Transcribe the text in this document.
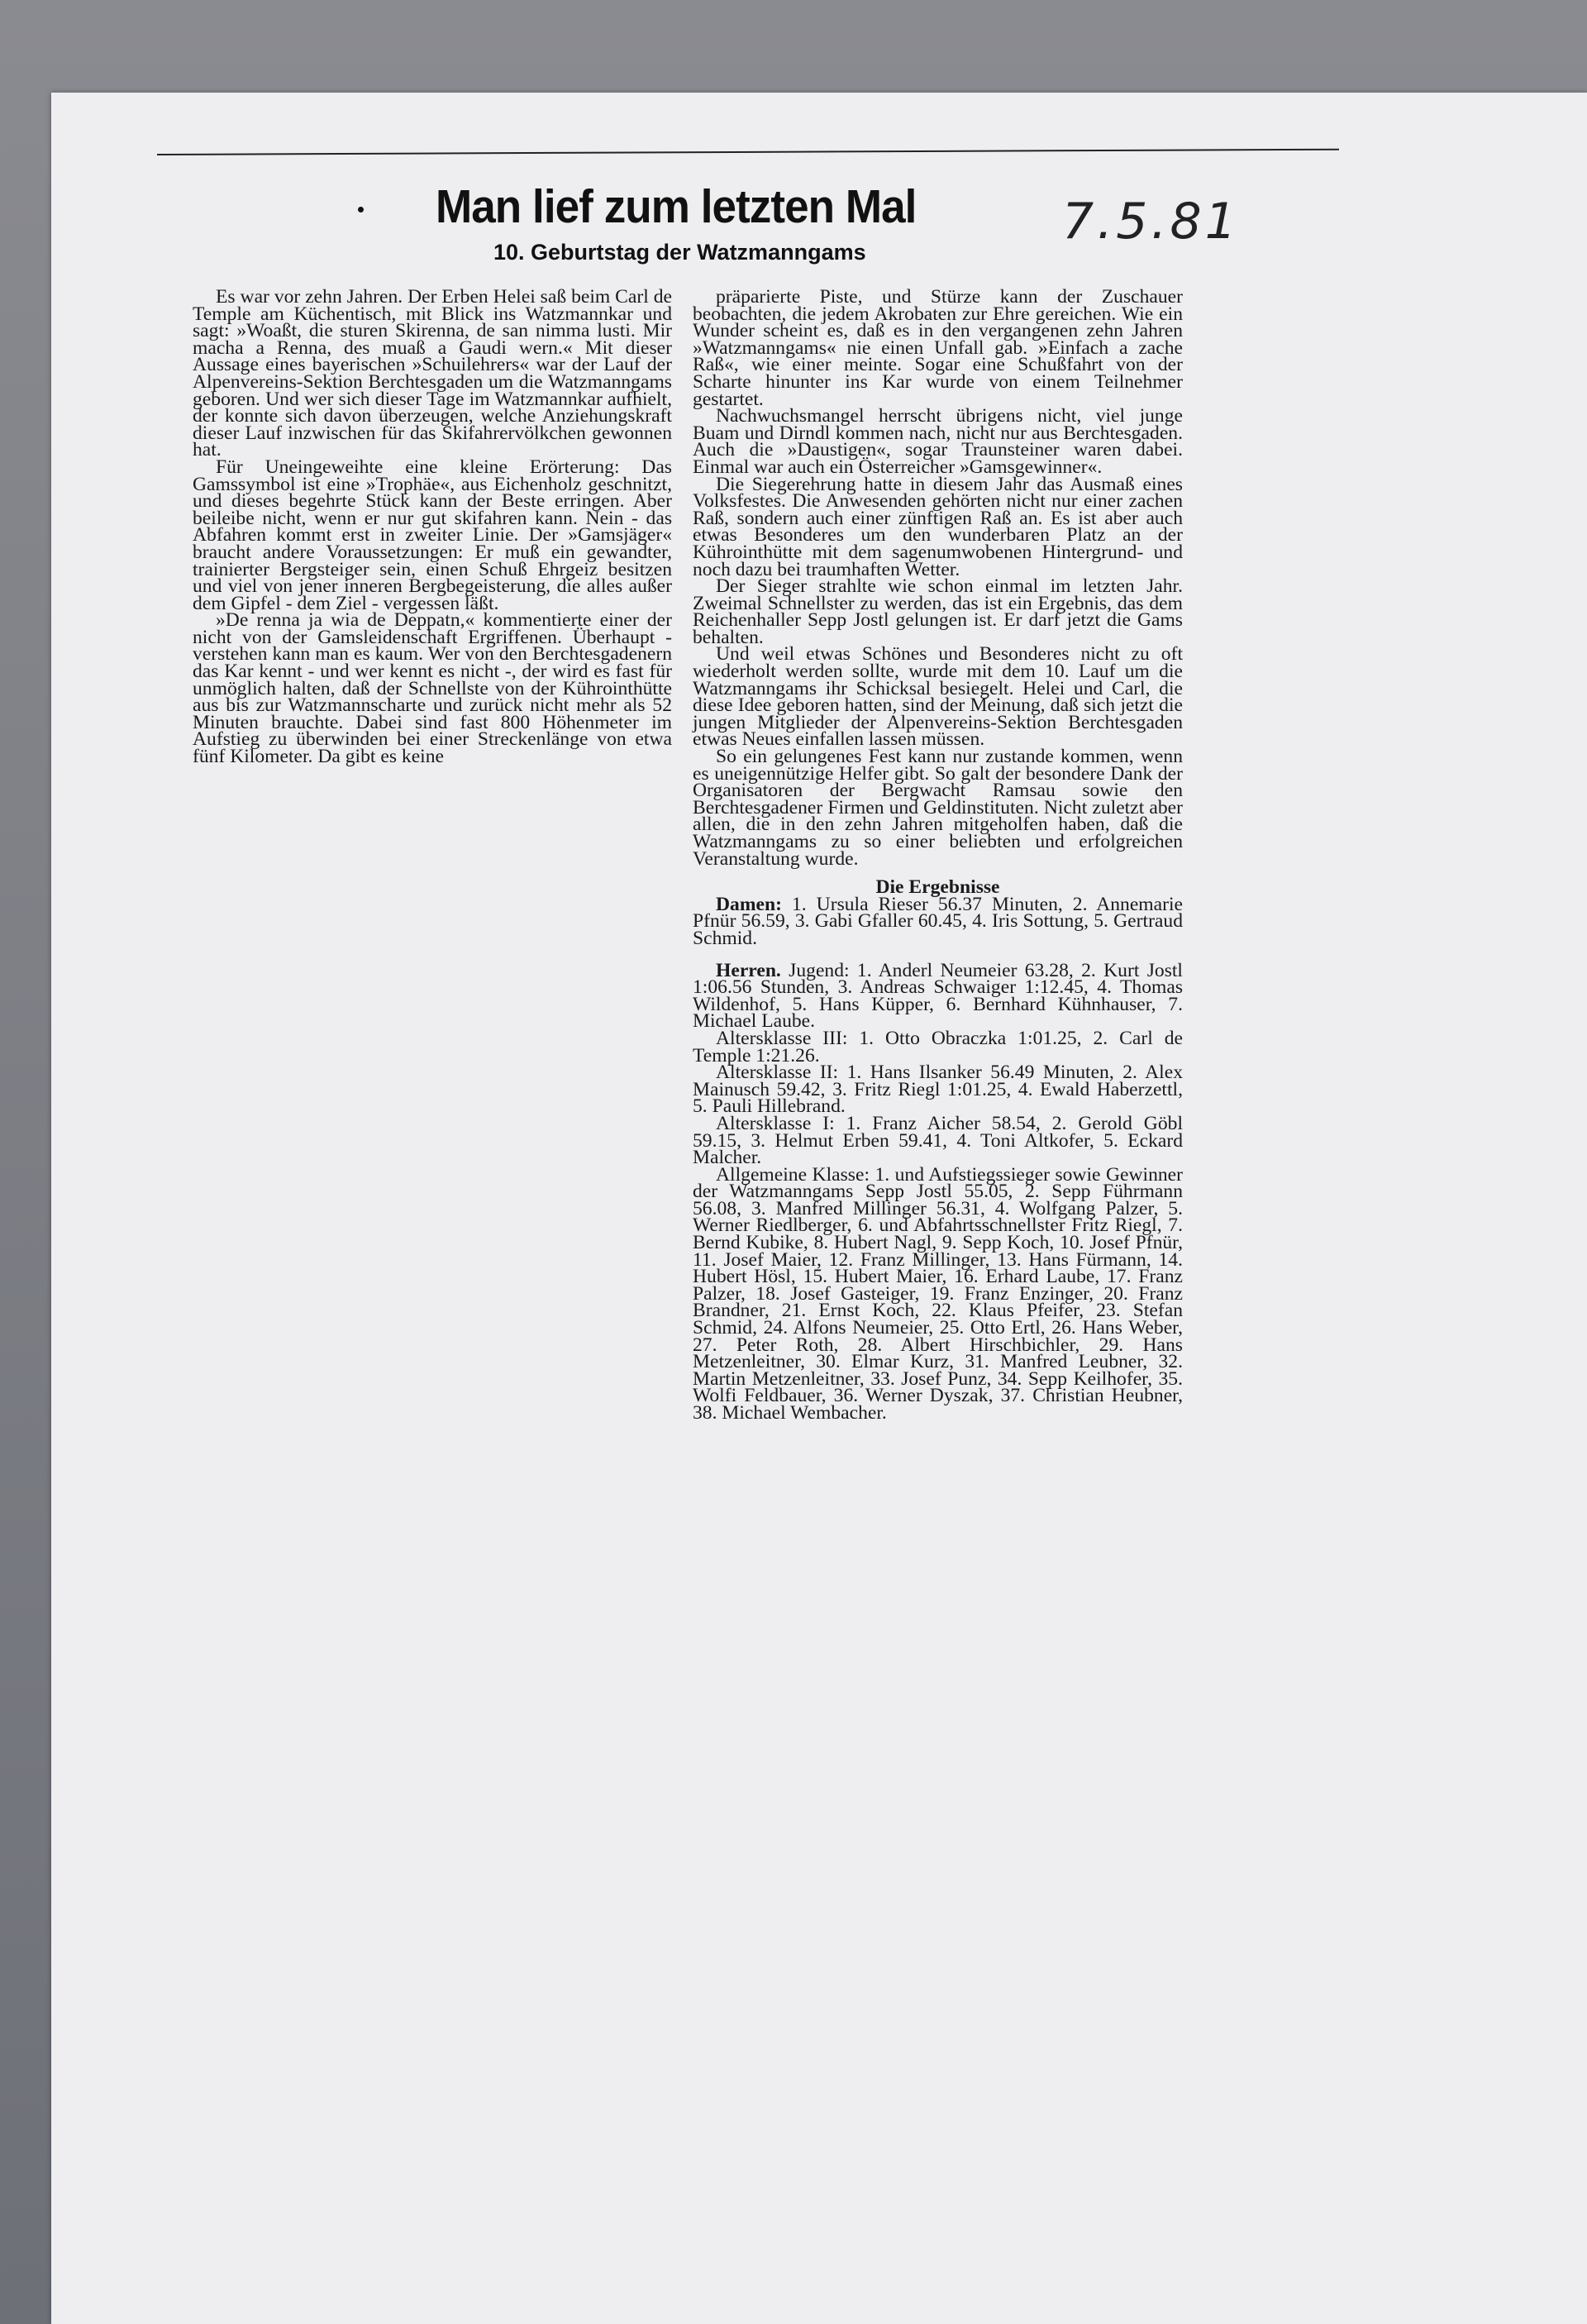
Man lief zum letzten Mal
10. Geburtstag der Watzmanngams
7.5.81

Es war vor zehn Jahren. Der Erben Helei saß beim Carl de Temple am Küchentisch, mit Blick ins Watzmannkar und sagt: »Woaßt, die sturen Skirenna, de san nimma lusti. Mir macha a Renna, des muaß a Gaudi wern.« Mit dieser Aussage eines bayerischen »Schuilehrers« war der Lauf der Alpenvereins-Sektion Berchtesgaden um die Watzmanngams geboren. Und wer sich dieser Tage im Watzmannkar aufhielt, der konnte sich davon überzeugen, welche Anziehungskraft dieser Lauf inzwischen für das Skifahrervölkchen gewonnen hat.

Für Uneingeweihte eine kleine Erörterung: Das Gamssymbol ist eine »Trophäe«, aus Eichenholz geschnitzt, und dieses begehrte Stück kann der Beste erringen. Aber beileibe nicht, wenn er nur gut skifahren kann. Nein - das Abfahren kommt erst in zweiter Linie. Der »Gamsjäger« braucht andere Voraussetzungen: Er muß ein gewandter, trainierter Bergsteiger sein, einen Schuß Ehrgeiz besitzen und viel von jener inneren Bergbegeisterung, die alles außer dem Gipfel - dem Ziel - vergessen läßt.

»De renna ja wia de Deppatn,« kommentierte einer der nicht von der Gamsleidenschaft Ergriffenen. Überhaupt - verstehen kann man es kaum. Wer von den Berchtesgadenern das Kar kennt - und wer kennt es nicht -, der wird es fast für unmöglich halten, daß der Schnellste von der Kührointhütte aus bis zur Watzmannscharte und zurück nicht mehr als 52 Minuten brauchte. Dabei sind fast 800 Höhenmeter im Aufstieg zu überwinden bei einer Streckenlänge von etwa fünf Kilometer. Da gibt es keine

präparierte Piste, und Stürze kann der Zuschauer beobachten, die jedem Akrobaten zur Ehre gereichen. Wie ein Wunder scheint es, daß es in den vergangenen zehn Jahren »Watzmanngams« nie einen Unfall gab. »Einfach a zache Raß«, wie einer meinte. Sogar eine Schußfahrt von der Scharte hinunter ins Kar wurde von einem Teilnehmer gestartet.

Nachwuchsmangel herrscht übrigens nicht, viel junge Buam und Dirndl kommen nach, nicht nur aus Berchtesgaden. Auch die »Daustigen«, sogar Traunsteiner waren dabei. Einmal war auch ein Österreicher »Gamsgewinner«.

Die Siegerehrung hatte in diesem Jahr das Ausmaß eines Volksfestes. Die Anwesenden gehörten nicht nur einer zachen Raß, sondern auch einer zünftigen Raß an. Es ist aber auch etwas Besonderes um den wunderbaren Platz an der Kührointhütte mit dem sagenumwobenen Hintergrund- und noch dazu bei traumhaften Wetter.

Der Sieger strahlte wie schon einmal im letzten Jahr. Zweimal Schnellster zu werden, das ist ein Ergebnis, das dem Reichenhaller Sepp Jostl gelungen ist. Er darf jetzt die Gams behalten.

Und weil etwas Schönes und Besonderes nicht zu oft wiederholt werden sollte, wurde mit dem 10. Lauf um die Watzmanngams ihr Schicksal besiegelt. Helei und Carl, die diese Idee geboren hatten, sind der Meinung, daß sich jetzt die jungen Mitglieder der Alpenvereins-Sektion Berchtesgaden etwas Neues einfallen lassen müssen.

So ein gelungenes Fest kann nur zustande kommen, wenn es uneigennützige Helfer gibt. So galt der besondere Dank der Organisatoren der Bergwacht Ramsau sowie den Berchtesgadener Firmen und Geldinstituten. Nicht zuletzt aber allen, die in den zehn Jahren mitgeholfen haben, daß die Watzmanngams zu so einer beliebten und erfolgreichen Veranstaltung wurde.

Die Ergebnisse

Damen: 1. Ursula Rieser 56.37 Minuten, 2. Annemarie Pfnür 56.59, 3. Gabi Gfaller 60.45, 4. Iris Sottung, 5. Gertraud Schmid.

Herren. Jugend: 1. Anderl Neumeier 63.28, 2. Kurt Jostl 1:06.56 Stunden, 3. Andreas Schwaiger 1:12.45, 4. Thomas Wildenhof, 5. Hans Küpper, 6. Bernhard Kühnhauser, 7. Michael Laube.

Altersklasse III: 1. Otto Obraczka 1:01.25, 2. Carl de Temple 1:21.26.

Altersklasse II: 1. Hans Ilsanker 56.49 Minuten, 2. Alex Mainusch 59.42, 3. Fritz Riegl 1:01.25, 4. Ewald Haberzettl, 5. Pauli Hillebrand.

Altersklasse I: 1. Franz Aicher 58.54, 2. Gerold Göbl 59.15, 3. Helmut Erben 59.41, 4. Toni Altkofer, 5. Eckard Malcher.

Allgemeine Klasse: 1. und Aufstiegssieger sowie Gewinner der Watzmanngams Sepp Jostl 55.05, 2. Sepp Führmann 56.08, 3. Manfred Millinger 56.31, 4. Wolfgang Palzer, 5. Werner Riedlberger, 6. und Abfahrtsschnellster Fritz Riegl, 7. Bernd Kubike, 8. Hubert Nagl, 9. Sepp Koch, 10. Josef Pfnür, 11. Josef Maier, 12. Franz Millinger, 13. Hans Fürmann, 14. Hubert Hösl, 15. Hubert Maier, 16. Erhard Laube, 17. Franz Palzer, 18. Josef Gasteiger, 19. Franz Enzinger, 20. Franz Brandner, 21. Ernst Koch, 22. Klaus Pfeifer, 23. Stefan Schmid, 24. Alfons Neumeier, 25. Otto Ertl, 26. Hans Weber, 27. Peter Roth, 28. Albert Hirschbichler, 29. Hans Metzenleitner, 30. Elmar Kurz, 31. Manfred Leubner, 32. Martin Metzenleitner, 33. Josef Punz, 34. Sepp Keilhofer, 35. Wolfi Feldbauer, 36. Werner Dyszak, 37. Christian Heubner, 38. Michael Wembacher.
